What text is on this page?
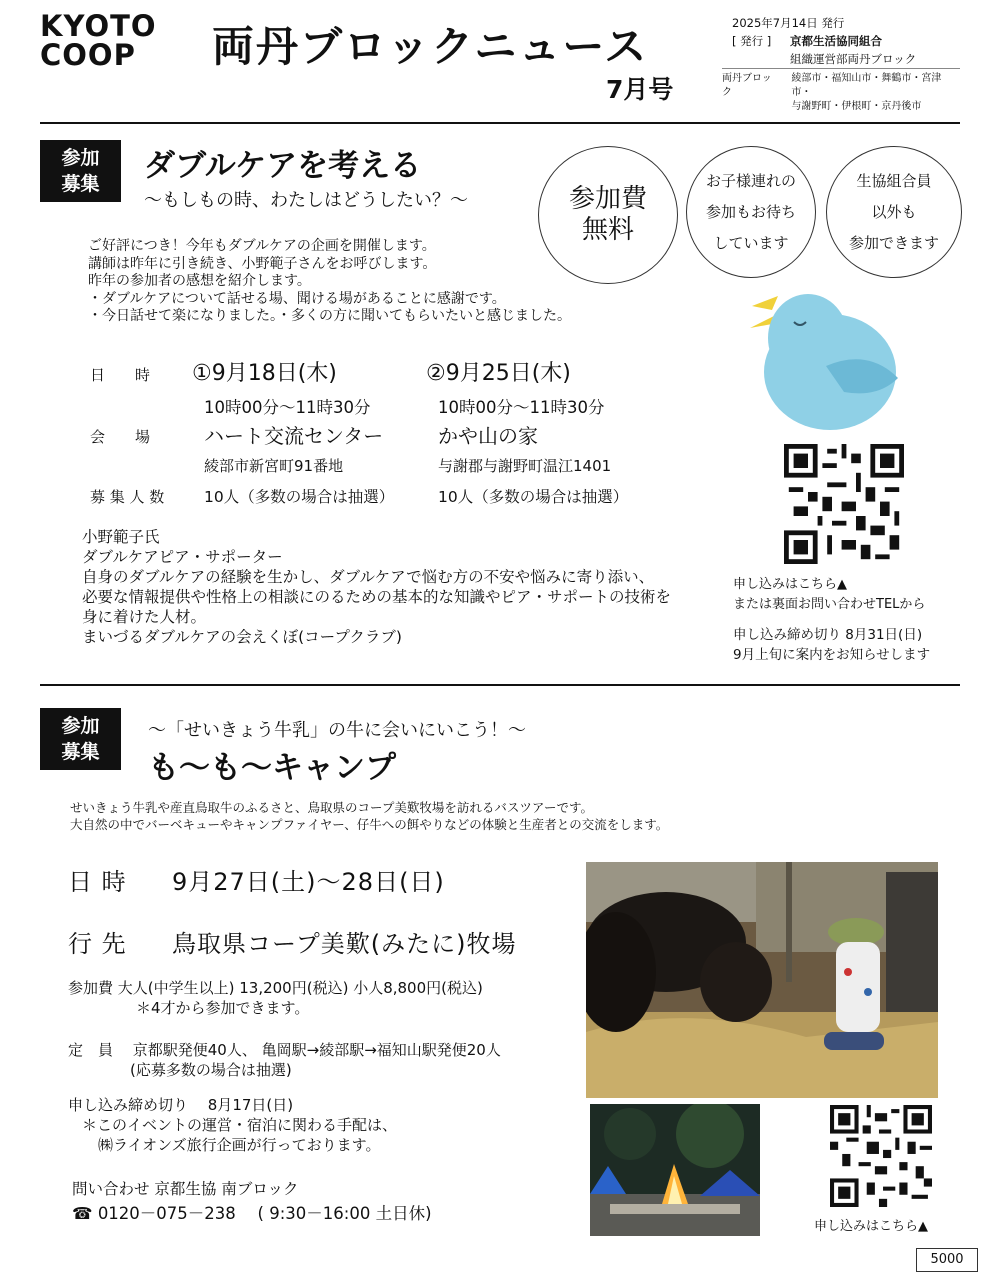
KYOTO
COOP	両丹ブロックニュース
7月号
2025年7月14日 発行
[ 発行 ]	京都生活協同組合
組織運営部両丹ブロック
両丹ブロック
綾部市・福知山市・舞鶴市・宮津市・
与謝野町・伊根町・京丹後市
参加
募集	ダブルケアを考える
～もしもの時、わたしはどうしたい？～	参加費
無料
お子様連れの
参加もお待ち
しています
生協組合員
以外も
参加できます
ご好評につき！今年もダブルケアの企画を開催します。
講師は昨年に引き続き、小野範子さんをお呼びします。
昨年の参加者の感想を紹介します。
・ダブルケアについて話せる場、聞ける場があることに感謝です。
・今日話せて楽になりました。・多くの方に聞いてもらいたいと感じました。
日　　時 ①9月18日(木)	②9月25日(木)
10時00分～11時30分	10時00分～11時30分
会　　場	ハート交流センター	かや山の家
綾部市新宮町91番地	与謝郡与謝野町温江1401
募 集 人 数	10人（多数の場合は抽選）	10人（多数の場合は抽選）
小野範子氏
ダブルケアピア・サポーター
自身のダブルケアの経験を生かし、ダブルケアで悩む方の不安や悩みに寄り添い、
必要な情報提供や性格上の相談にのるための基本的な知識やピア・サポートの技術を
身に着けた人材。
まいづるダブルケアの会えくぼ(コープクラブ)
申し込みはこちら▲
または裏面お問い合わせTELから
申し込み締め切り 8月31日(日)
9月上旬に案内をお知らせします
参加
募集
～「せいきょう牛乳」の牛に会いにいこう！～
も～も～キャンプ
せいきょう牛乳や産直鳥取牛のふるさと、鳥取県のコープ美歎牧場を訪れるバスツアーです。
大自然の中でバーベキューやキャンプファイヤー、仔牛への餌やりなどの体験と生産者との交流をします。
日 時 9月27日(土)～28日(日)
行 先 鳥取県コープ美歎(みたに)牧場
参加費 大人(中学生以上) 13,200円(税込) 小人8,800円(税込)
＊4才から参加できます。
定　員　 京都駅発便40人、 亀岡駅→綾部駅→福知山駅発便20人
(応募多数の場合は抽選)
申し込み締め切り　 8月17日(日)
＊このイベントの運営・宿泊に関わる手配は、
㈱ライオンズ旅行企画が行っております。
問い合わせ 京都生協 南ブロック
☎ 0120－075－238　 ( 9:30－16:00 土日休)
申し込みはこちら▲
5000
